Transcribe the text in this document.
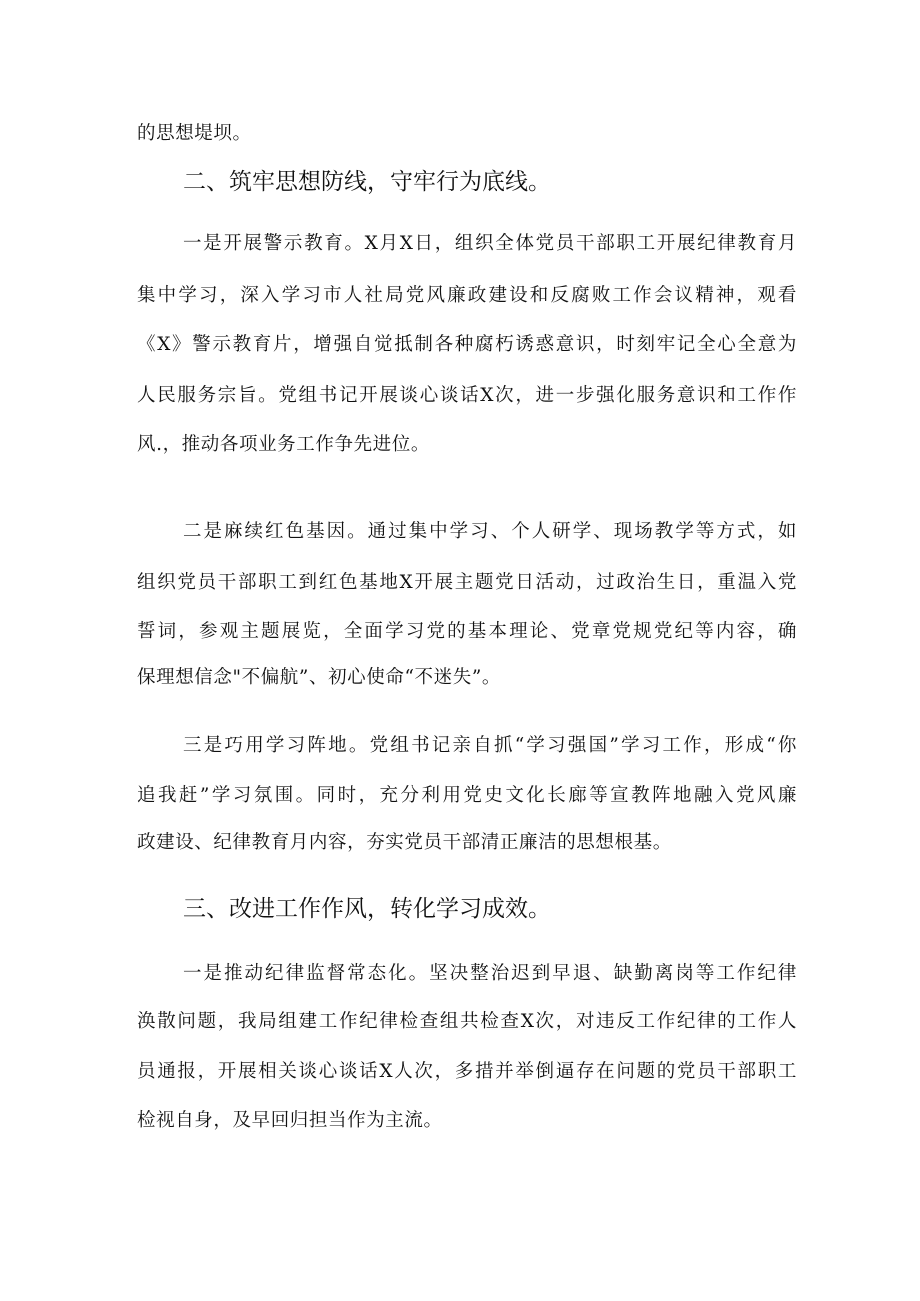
的思想堤坝。
二、筑牢思想防线，守牢行为底线。
一是开展警示教育。X月X日，组织全体党员干部职工开展纪律教育月
集中学习，深入学习市人社局党风廉政建设和反腐败工作会议精神，观看
《X》警示教育片，增强自觉抵制各种腐朽诱惑意识，时刻牢记全心全意为
人民服务宗旨。党组书记开展谈心谈话X次，进一步强化服务意识和工作作
风.，推动各项业务工作争先进位。
二是麻续红色基因。通过集中学习、个人研学、现场教学等方式，如
组织党员干部职工到红色基地X开展主题党日活动，过政治生日，重温入党
誓词，参观主题展览，全面学习党的基本理论、党章党规党纪等内容，确
保理想信念"不偏航”、初心使命“不迷失”。
三是巧用学习阵地。党组书记亲自抓“学习强国”学习工作，形成“你
追我赶”学习氛围。同时，充分利用党史文化长廊等宣教阵地融入党风廉
政建设、纪律教育月内容，夯实党员干部清正廉洁的思想根基。
三、改进工作作风，转化学习成效。
一是推动纪律监督常态化。坚决整治迟到早退、缺勤离岗等工作纪律
涣散问题，我局组建工作纪律检查组共检查X次，对违反工作纪律的工作人
员通报，开展相关谈心谈话X人次，多措并举倒逼存在问题的党员干部职工
检视自身，及早回归担当作为主流。
